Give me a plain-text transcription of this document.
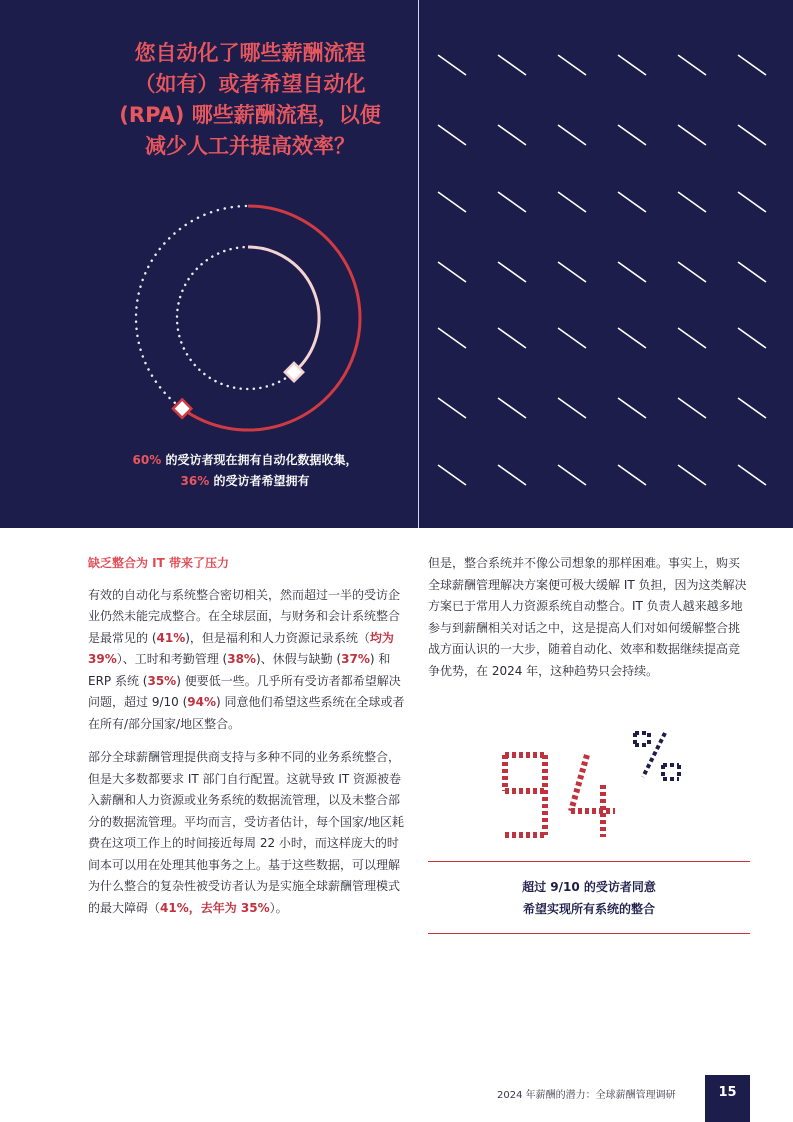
您自动化了哪些薪酬流程
（如有）或者希望自动化
(RPA) 哪些薪酬流程，以便
减少人工并提高效率？
60% 的受访者现在拥有自动化数据收集，
36% 的受访者希望拥有
缺乏整合为 IT 带来了压力

有效的自动化与系统整合密切相关，然而超过一半的受访企业仍然未能完成整合。在全球层面，与财务和会计系统整合是最常见的 (41%)，但是福利和人力资源记录系统（均为 39%）、工时和考勤管理 (38%)、休假与缺勤 (37%) 和 ERP 系统 (35%) 便要低一些。几乎所有受访者都希望解决问题，超过 9/10 (94%) 同意他们希望这些系统在全球或者在所有/部分国家/地区整合。

部分全球薪酬管理提供商支持与多种不同的业务系统整合，但是大多数都要求 IT 部门自行配置。这就导致 IT 资源被卷入薪酬和人力资源或业务系统的数据流管理，以及未整合部分的数据流管理。平均而言，受访者估计，每个国家/地区耗费在这项工作上的时间接近每周 22 小时，而这样庞大的时间本可以用在处理其他事务之上。基于这些数据，可以理解为什么整合的复杂性被受访者认为是实施全球薪酬管理模式的最大障碍（41%，去年为 35%）。

但是，整合系统并不像公司想象的那样困难。事实上，购买全球薪酬管理解决方案便可极大缓解 IT 负担，因为这类解决方案已于常用人力资源系统自动整合。IT 负责人越来越多地参与到薪酬相关对话之中，这是提高人们对如何缓解整合挑战方面认识的一大步，随着自动化、效率和数据继续提高竞争优势，在 2024 年，这种趋势只会持续。

超过 9/10 的受访者同意
希望实现所有系统的整合
2024 年薪酬的潜力：全球薪酬管理调研	15
